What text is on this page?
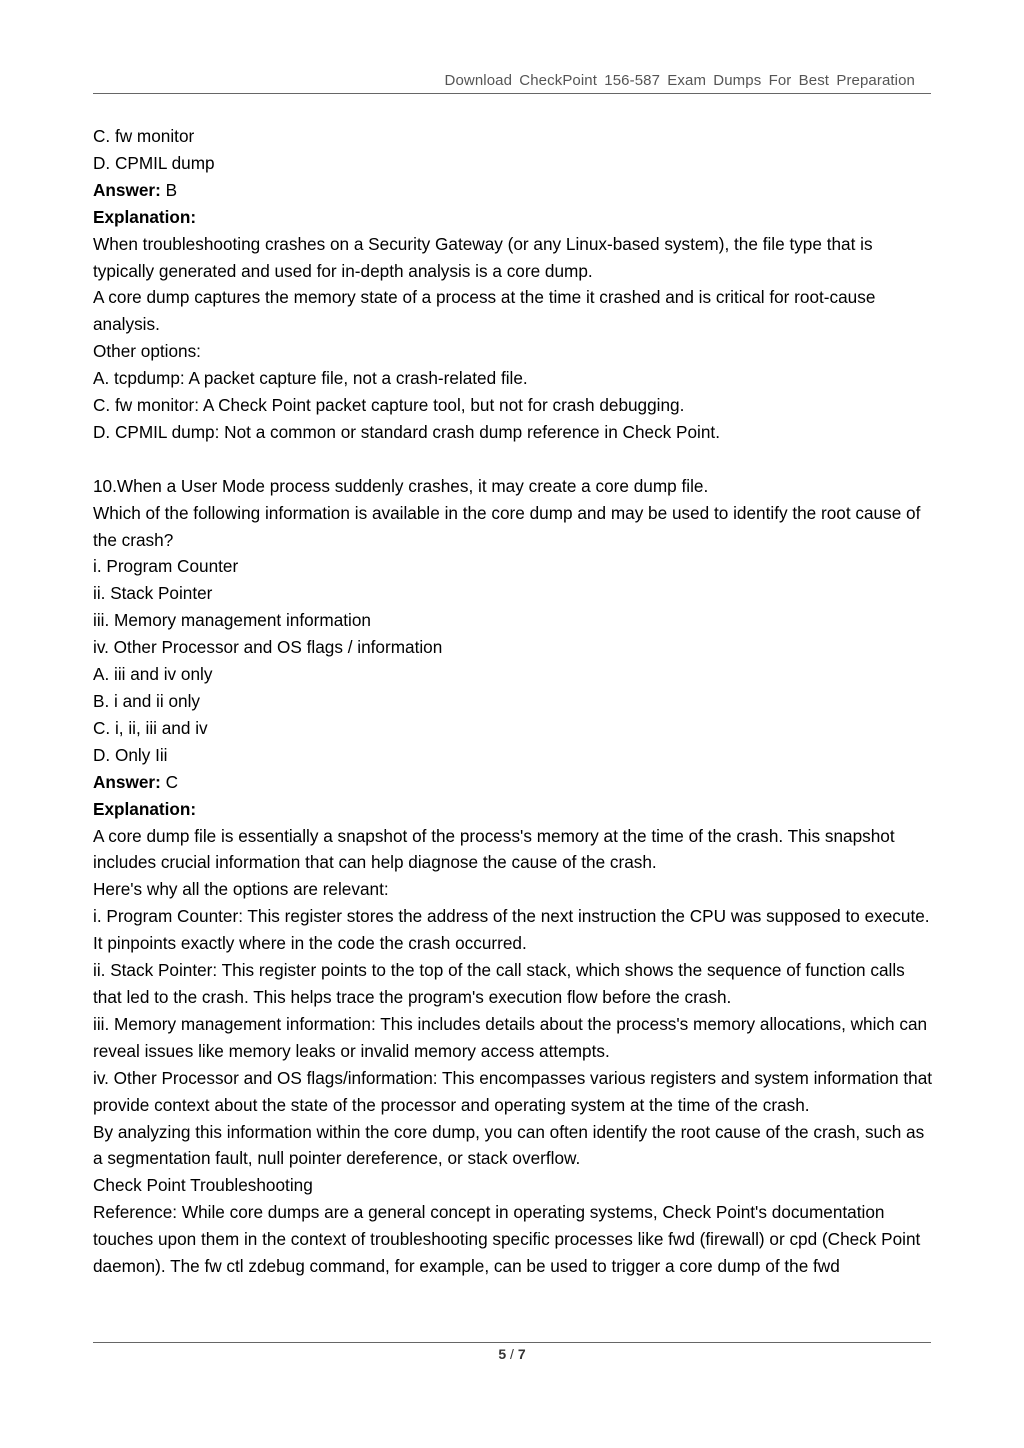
Download CheckPoint 156-587 Exam Dumps For Best Preparation
C. fw monitor
D. CPMIL dump
Answer: B
Explanation:
When troubleshooting crashes on a Security Gateway (or any Linux-based system), the file type that is typically generated and used for in-depth analysis is a core dump.
A core dump captures the memory state of a process at the time it crashed and is critical for root-cause analysis.
Other options:
A. tcpdump: A packet capture file, not a crash-related file.
C. fw monitor: A Check Point packet capture tool, but not for crash debugging.
D. CPMIL dump: Not a common or standard crash dump reference in Check Point.
10.When a User Mode process suddenly crashes, it may create a core dump file.
Which of the following information is available in the core dump and may be used to identify the root cause of the crash?
i. Program Counter
ii. Stack Pointer
iii. Memory management information
iv. Other Processor and OS flags / information
A. iii and iv only
B. i and ii only
C. i, ii, iii and iv
D. Only Iii
Answer: C
Explanation:
A core dump file is essentially a snapshot of the process's memory at the time of the crash. This snapshot includes crucial information that can help diagnose the cause of the crash.
Here's why all the options are relevant:
i. Program Counter: This register stores the address of the next instruction the CPU was supposed to execute. It pinpoints exactly where in the code the crash occurred.
ii. Stack Pointer: This register points to the top of the call stack, which shows the sequence of function calls that led to the crash. This helps trace the program's execution flow before the crash.
iii. Memory management information: This includes details about the process's memory allocations, which can reveal issues like memory leaks or invalid memory access attempts.
iv. Other Processor and OS flags/information: This encompasses various registers and system information that provide context about the state of the processor and operating system at the time of the crash.
By analyzing this information within the core dump, you can often identify the root cause of the crash, such as a segmentation fault, null pointer dereference, or stack overflow.
Check Point Troubleshooting
Reference: While core dumps are a general concept in operating systems, Check Point's documentation touches upon them in the context of troubleshooting specific processes like fwd (firewall) or cpd (Check Point daemon). The fw ctl zdebug command, for example, can be used to trigger a core dump of the fwd
5 / 7
